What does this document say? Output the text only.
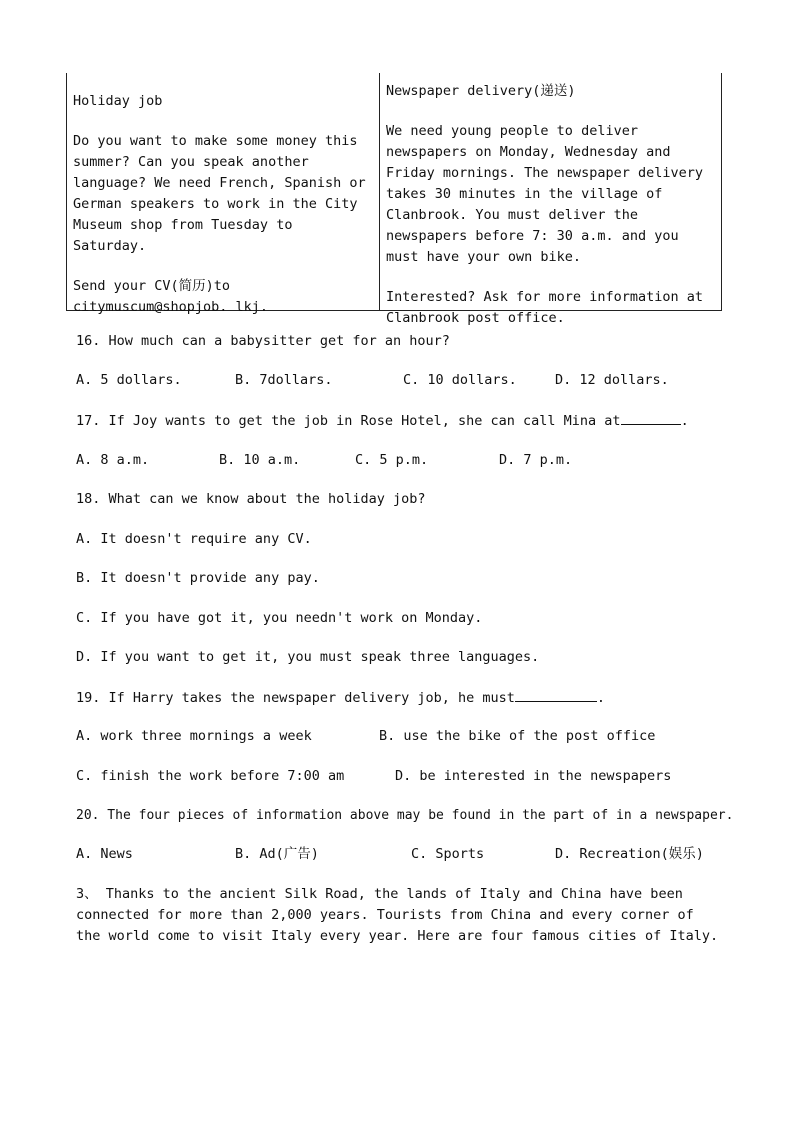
Holiday job

Do you want to make some money this summer? Can you speak another language? We need French, Spanish or German speakers to work in the City Museum shop from Tuesday to Saturday.

Send your CV(简历)to citymuscum@shopjob. lkj.

Newspaper delivery(递送)

We need young people to deliver newspapers on Monday, Wednesday and Friday mornings. The newspaper delivery takes 30 minutes in the village of Clanbrook. You must deliver the newspapers before 7: 30 a.m. and you must have your own bike.

Interested? Ask for more information at Clanbrook post office.

16. How much can a babysitter get for an hour?

A. 5 dollars.

	B. 7dollars.

	C. 10 dollars.

	D. 12 dollars.

17. If Joy wants to get the job in Rose Hotel, she can call Mina at	.

A. 8 a.m.

	B. 10 a.m.

	C. 5 p.m.

	D. 7 p.m.

18. What can we know about the holiday job?
A. It doesn't require any CV.
B. It doesn't provide any pay.
C. If you have got it, you needn't work on Monday.
D. If you want to get it, you must speak three languages.
19. If Harry takes the newspaper delivery job, he must	.

A. work three mornings a week

	B. use the bike of the post office

C. finish the work before 7:00 am

	D. be interested in the newspapers

20. The four pieces of information above may be found in the part of in a newspaper.

A. News

	B. Ad(广告)

	C. Sports

	D. Recreation(娱乐)

3、 Thanks to the ancient Silk Road, the lands of Italy and China have been connected for more than 2,000 years. Tourists from China and every corner of the world come to visit Italy every year. Here are four famous cities of Italy.
